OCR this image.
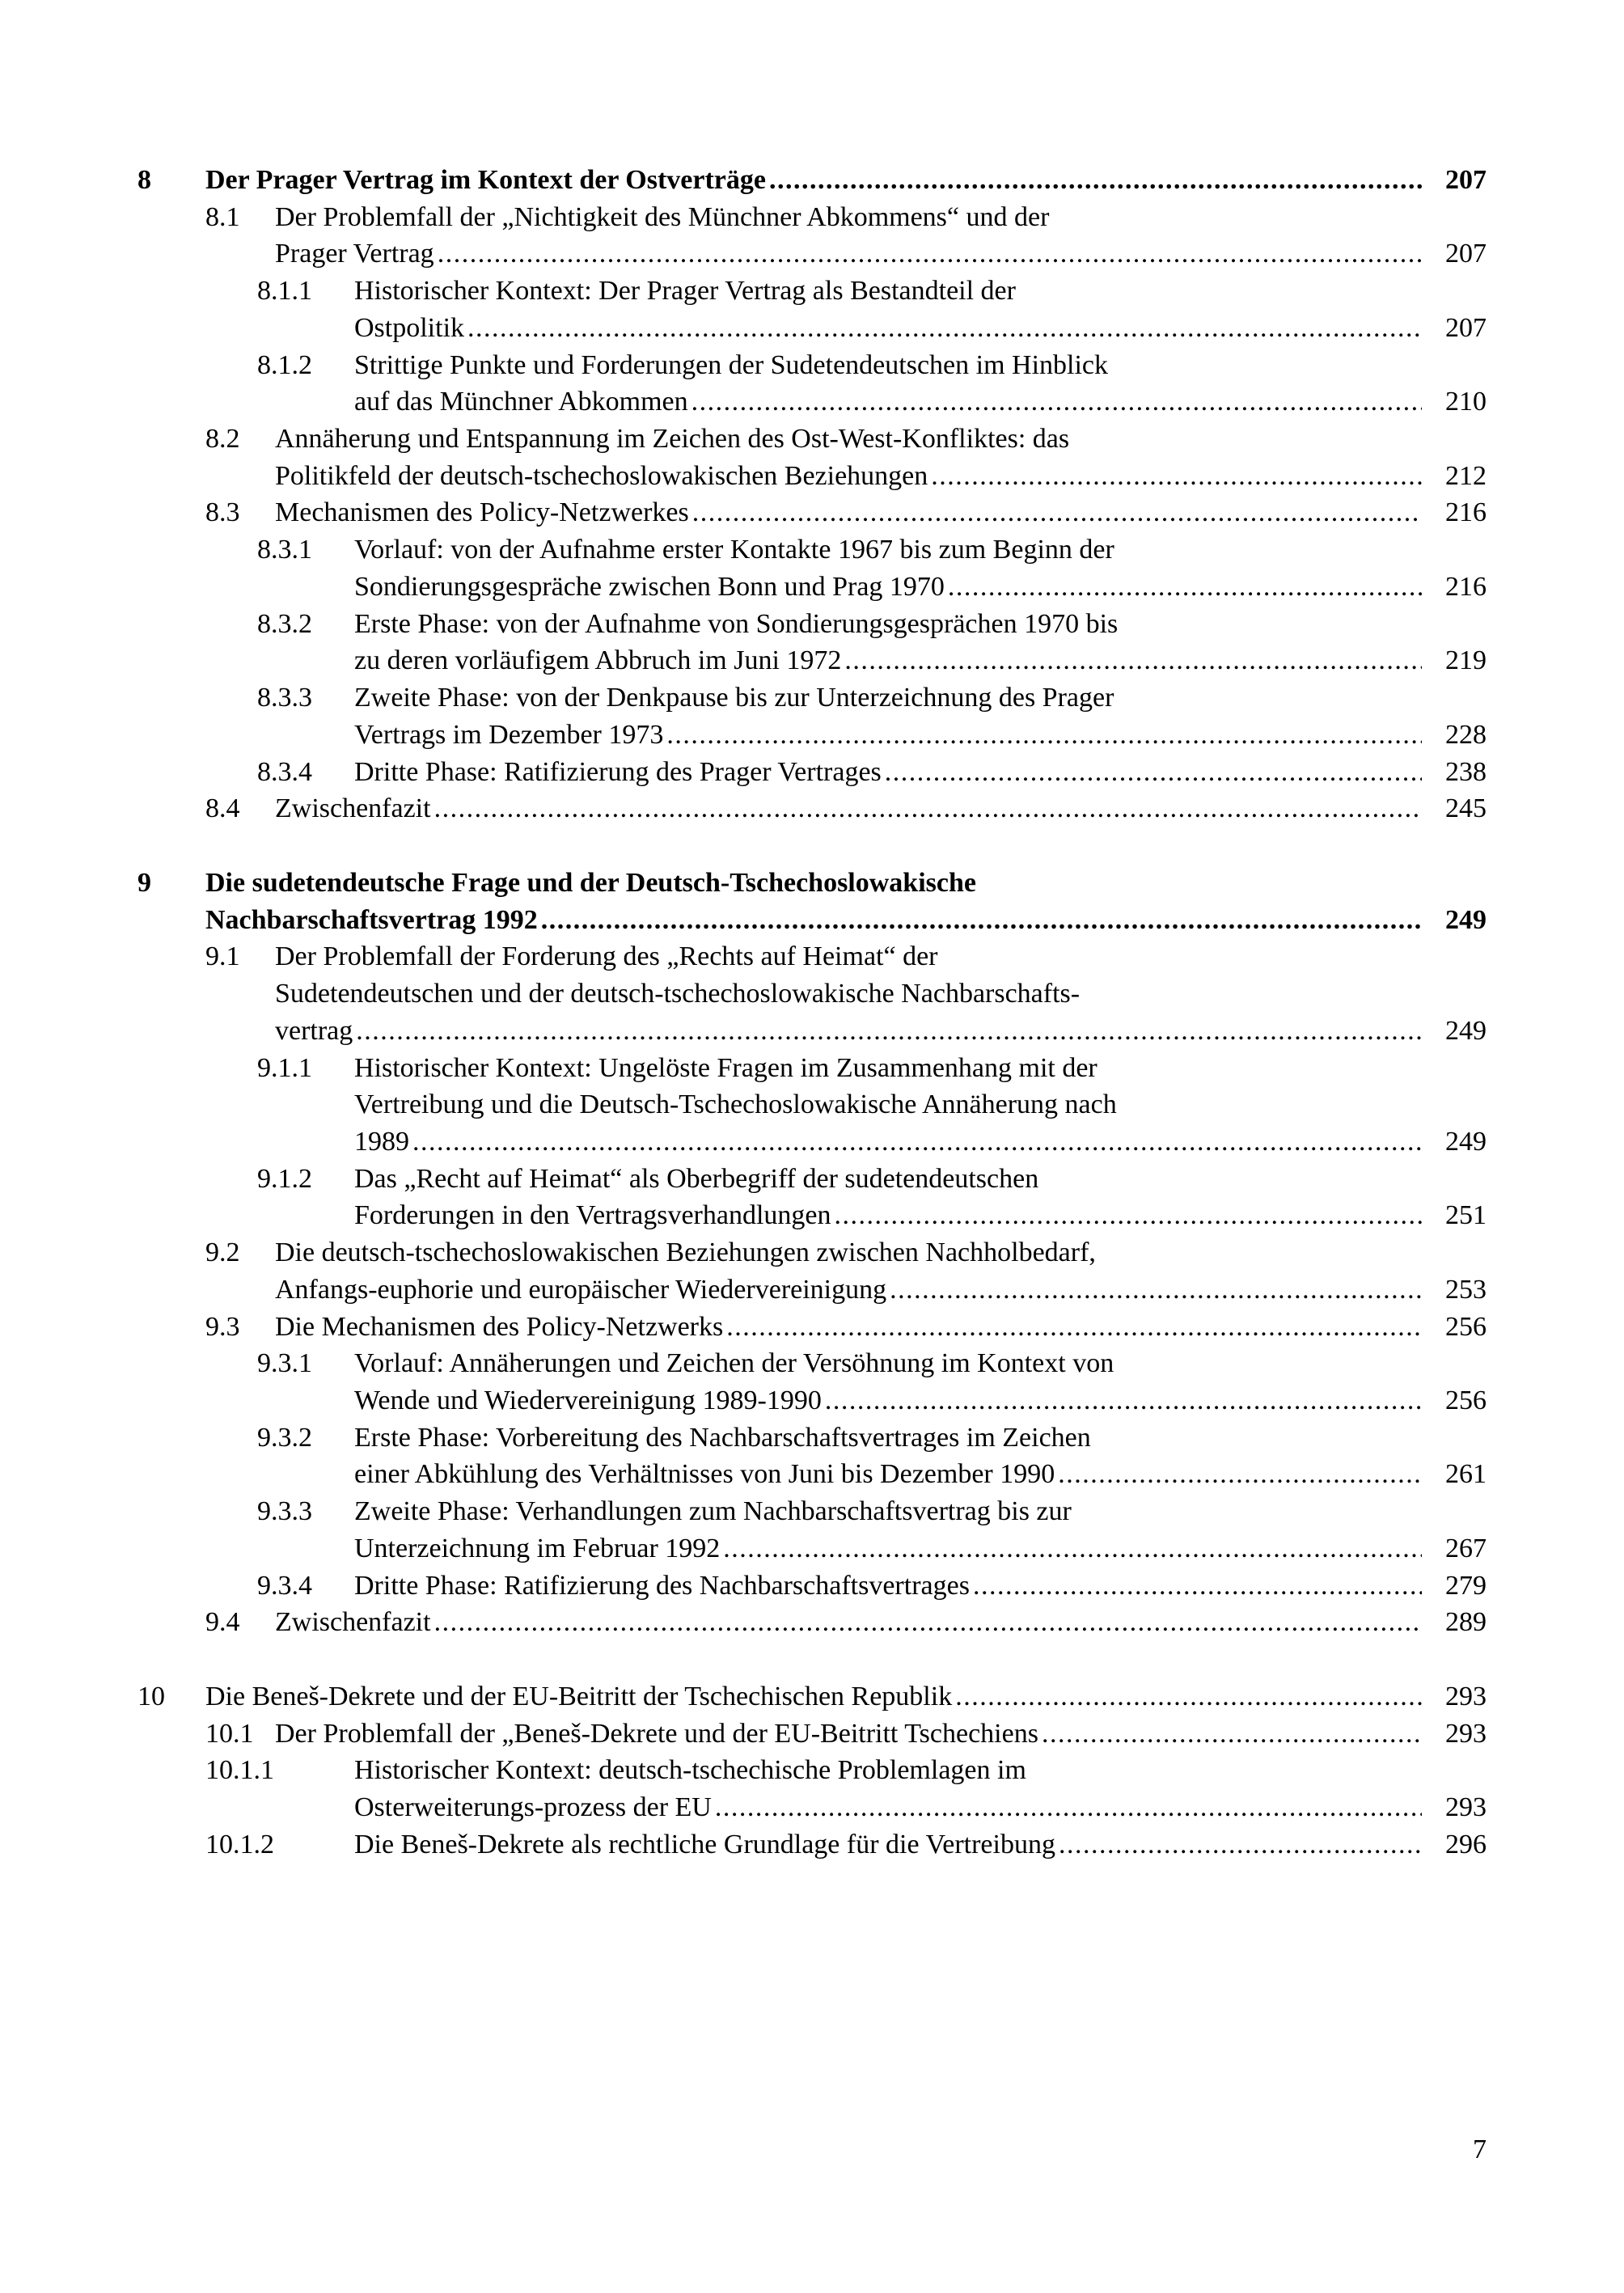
8	Der Prager Vertrag im Kontext der Ostverträge .....	207
8.1	Der Problemfall der „Nichtigkeit des Münchner Abkommens“ und der
Prager Vertrag .....	207
8.1.1	Historischer Kontext: Der Prager Vertrag als Bestandteil der
Ostpolitik .....	207
8.1.2	Strittige Punkte und Forderungen der Sudetendeutschen im Hinblick
auf das Münchner Abkommen .....	210
8.2	Annäherung und Entspannung im Zeichen des Ost-West-Konfliktes: das
Politikfeld der deutsch-tschechoslowakischen Beziehungen .....	212
8.3	Mechanismen des Policy-Netzwerkes .....	216
8.3.1	Vorlauf: von der Aufnahme erster Kontakte 1967 bis zum Beginn der
Sondierungsgespräche zwischen Bonn und Prag 1970 .....	216
8.3.2	Erste Phase: von der Aufnahme von Sondierungsgesprächen 1970 bis
zu deren vorläufigem Abbruch im Juni 1972 .....	219
8.3.3	Zweite Phase: von der Denkpause bis zur Unterzeichnung des Prager
Vertrags im Dezember 1973 .....	228
8.3.4	Dritte Phase: Ratifizierung des Prager Vertrages .....	238
8.4	Zwischenfazit .....	245
9	Die sudetendeutsche Frage und der Deutsch-Tschechoslowakische
Nachbarschaftsvertrag 1992 .....	249
9.1	Der Problemfall der Forderung des „Rechts auf Heimat“ der
Sudetendeutschen und der deutsch-tschechoslowakische Nachbarschafts-
vertrag .....	249
9.1.1	Historischer Kontext: Ungelöste Fragen im Zusammenhang mit der
Vertreibung und die Deutsch-Tschechoslowakische Annäherung nach
1989 .....	249
9.1.2	Das „Recht auf Heimat“ als Oberbegriff der sudetendeutschen
Forderungen in den Vertragsverhandlungen .....	251
9.2	Die deutsch-tschechoslowakischen Beziehungen zwischen Nachholbedarf,
Anfangs-euphorie und europäischer Wiedervereinigung .....	253
9.3	Die Mechanismen des Policy-Netzwerks .....	256
9.3.1	Vorlauf: Annäherungen und Zeichen der Versöhnung im Kontext von
Wende und Wiedervereinigung 1989-1990 .....	256
9.3.2	Erste Phase: Vorbereitung des Nachbarschaftsvertrages im Zeichen
einer Abkühlung des Verhältnisses von Juni bis Dezember 1990 .....	261
9.3.3	Zweite Phase: Verhandlungen zum Nachbarschaftsvertrag bis zur
Unterzeichnung im Februar 1992 .....	267
9.3.4	Dritte Phase: Ratifizierung des Nachbarschaftsvertrages .....	279
9.4	Zwischenfazit .....	289
10	Die Beneš-Dekrete und der EU-Beitritt der Tschechischen Republik .....	293
10.1 Der Problemfall der „Beneš-Dekrete und der EU-Beitritt Tschechiens .....	293
10.1.1	Historischer Kontext: deutsch-tschechische Problemlagen im
Osterweiterungs-prozess der EU .....	293
10.1.2	Die Beneš-Dekrete als rechtliche Grundlage für die Vertreibung .....	296
7
